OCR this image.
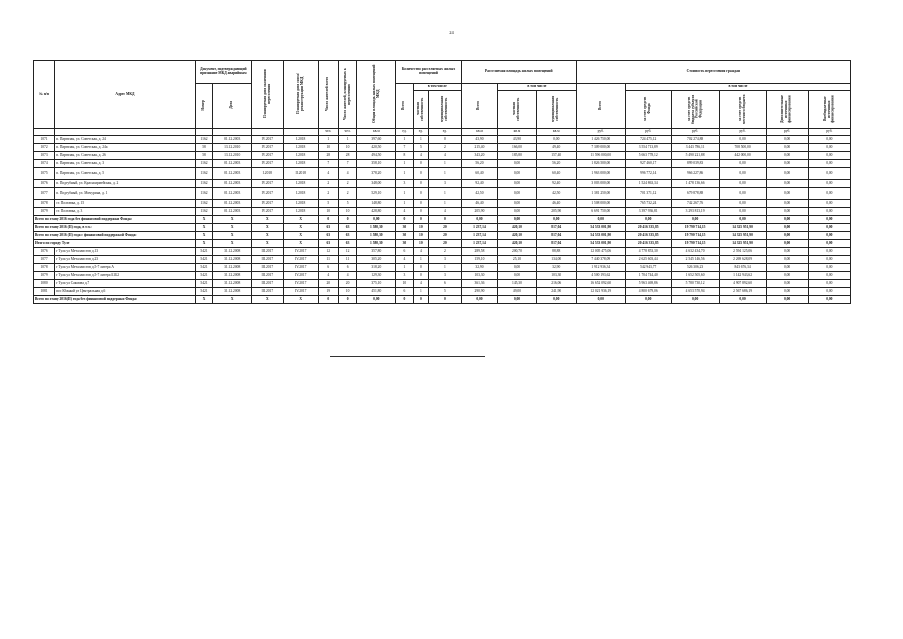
24
№ п/п	Адрес МКД	Документ, подтверждающий признание МКД аварийным		Планируемая дата окончания переселения	Планируемая дата сноса/ реконструкции МКД	Число жителей всего	Число жителей, планируемых к переселению	Общая площадь жилых помещений МКД	Количество расселяемых жилых помещений			Расселяемая площадь жилых помещений			Стоимость переселения граждан					
		Номер	Дата						Всего	в том числе		Всего	в том числе		Всего	в том числе				
										частная собственность	муниципальная собственность		частная собственность	муниципальная собственность		за счет средств Фонда	за счет средств бюджета субъекта Российской Федерации	за счет средств местного бюджета	Дополнительные источники финансирования	Внебюджетные источники финансирования
						чел.	чел.	кв.м	ед.	ед.	ед.	кв.м	кв.м	кв.м	руб.	руб.	руб.	руб.	руб.	руб.
1071	п. Партизан, ул. Советская, д. 24	1162	01.12.2003	IV.2017	I.2018	1	1	397,60	1	1	0	43,90	43,90	0,00	1 426 750,00	724 475,12	702 274,88	0,00	0,00	0,00
1072	п. Партизан, ул. Советская, д. 24а	58	13.12.2010	IV.2017	I.2018	10	10	420,50	7	5	2	215,40	166,00	49,40	7 309 000,00	3 554 713,89	3 443 786,11	708 500,00	0,00	0,00
1073	п. Партизан, ул. Советская, д. 26	58	13.12.2010	IV.2017	I.2018	28	28	494,50	8	4	4	343,20	185,80	157,40	11 596 000,00	5 663 778,12	5 490 221,88	442 000,00	0,00	0,00
1074	п. Партизан, ул. Советская, д. 3	1162	01.12.2003	IV.2017	I.2018	7	7	358,10	1	0	1	56,20	0,00	56,20	1 826 500,00	927 460,17	899 039,83	0,00	0,00	0,00
1075	п. Партизан, ул. Советская, д. 5	1162	01.12.2003	I.2018	II.2018	4	4	378,20	1	0	1	60,40	0,00	60,40	1 963 000,00	996 772,14	966 227,86	0,00	0,00	0,00
1076	п. Подгубный, ул. Красноармейская, д. 2	1162	01.12.2003	IV.2017	I.2018	2	2	348,00	3	0	3	92,40	0,00	92,40	3 003 000,00	1 524 863,34	1 478 136,66	0,00	0,00	0,00
1077	п. Подгубный, ул. Мичурина, д. 1	1162	01.12.2003	IV.2017	I.2018	2	2	529,10	1	0	1	42,50	0,00	42,50	1 381 250,00	701 371,12	679 878,88	0,00	0,00	0,00
1078	ст. Полтавка, д. 15	1162	01.12.2003	IV.2017	I.2018	5	5	148,80	1	0	1	46,40	0,00	46,40	1 508 000,00	765 732,24	742 267,76	0,00	0,00	0,00
1079	ст. Полтавка, д. 3	1162	01.12.2003	IV.2017	I.2018	10	10	428,80	4	0	4	205,90	0,00	205,90	6 691 750,00	3 397 936,81	3 293 813,19	0,00	0,00	0,00
Всего по этапу 2016 года без финансовой поддержки Фонда:		X	X	X	X	0	0	0,00	0	0	0	0,00	0,00	0,00	0,00	0,00	0,00	0,00	0,00	0,00
Всего по этапу 2016 (II) года, в т.ч.:		X	X	X	X	63	63	1 580,30	30	10	20	1 237,14	420,10	817,04	54 533 001,90	20 416 335,85	19 790 714,15	14 325 951,90	0,00	0,00
Всего по этапу 2016 (II) года с финансовой поддержкой Фонда:		X	X	X	X	63	63	1 580,30	30	10	20	1 237,14	420,10	817,04	54 533 001,90	20 416 335,85	19 790 714,15	14 325 951,90	0,00	0,00
Итого по городу Туле		X	X	X	X	63	63	1 580,30	30	10	20	1 237,14	420,10	817,04	54 533 001,90	20 416 335,85	19 790 714,15	14 325 951,90	0,00	0,00
1076	г Тула ул Металлистов д.13	5421	31.12.2008	III.2017	IV.2017	12	12	357,80	6	4	2	289,58	200,70	88,88	12 005 475,06	4 778 853,30	4 632 434,70	2 594 125,06	0,00	0,00
1077	г Тула ул Металлистов д.23	5421	31.12.2008	III.2017	IV.2017	11	11	305,20	4	1	3	159,10	25,10	134,00	7 440 378,09	2 625 603,44	2 545 146,56	2 269 628,09	0,00	0,00
1078	г Тула ул Металлистов д.5-7 литера А	5421	31.12.2008	III.2017	IV.2017	6	6	318,20	1	0	1	32,90	0,00	32,90	1 912 936,34	542 943,77	526 306,23	843 676,34	0,00	0,00
1079	г Тула ул Металлистов д.5-7 литера Б1Б2	5421	31.12.2008	III.2017	IV.2017	4	4	129,30	3	0	3	103,30	0,00	103,30	4 500 193,62	1 704 744,40	1 652 505,60	1 142 943,62	0,00	0,00
1080	г Тула ул Сакмова д.7	5421	31.12.2008	III.2017	IV.2017	20	20	375,10	10	4	6	361,36	145,30	216,06	16 652 092,60	5 963 469,86	5 780 730,12	4 907 892,60	0,00	0,00
1081	пос Южный ул Центральная д.6	5421	31.12.2008	III.2017	IV.2017	19	10	451,80	6	1	5	290,90	49,00	241,90	12 021 936,19	4 800 679,06	4 653 570,94	2 567 686,19	0,00	0,00
Всего по этапу 2016(II) года без финансовой поддержки Фонда:		X	X	X	X	0	0	0,00	0	0	0	0,00	0,00	0,00	0,00	0,00	0,00	0,00	0,00	0,00
